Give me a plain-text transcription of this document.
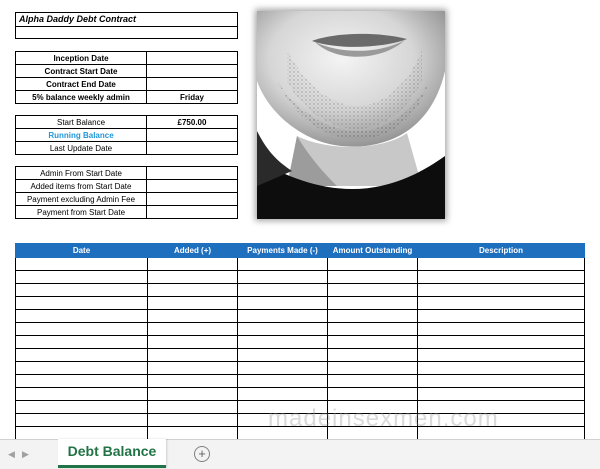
Alpha Daddy Debt Contract
Inception Date	
Contract Start Date	
Contract End Date	
5% balance weekly admin	Friday
Start Balance	£750.00
Running Balance	
Last Update Date	
Admin From Start Date	
Added items from Start Date	
Payment excluding Admin Fee	
Payment from Start Date	
Date	Added (+)	Payments Made (-)	Amount Outstanding	Description

madeinsexmen.com
◀ ▶	Debt Balance	+
